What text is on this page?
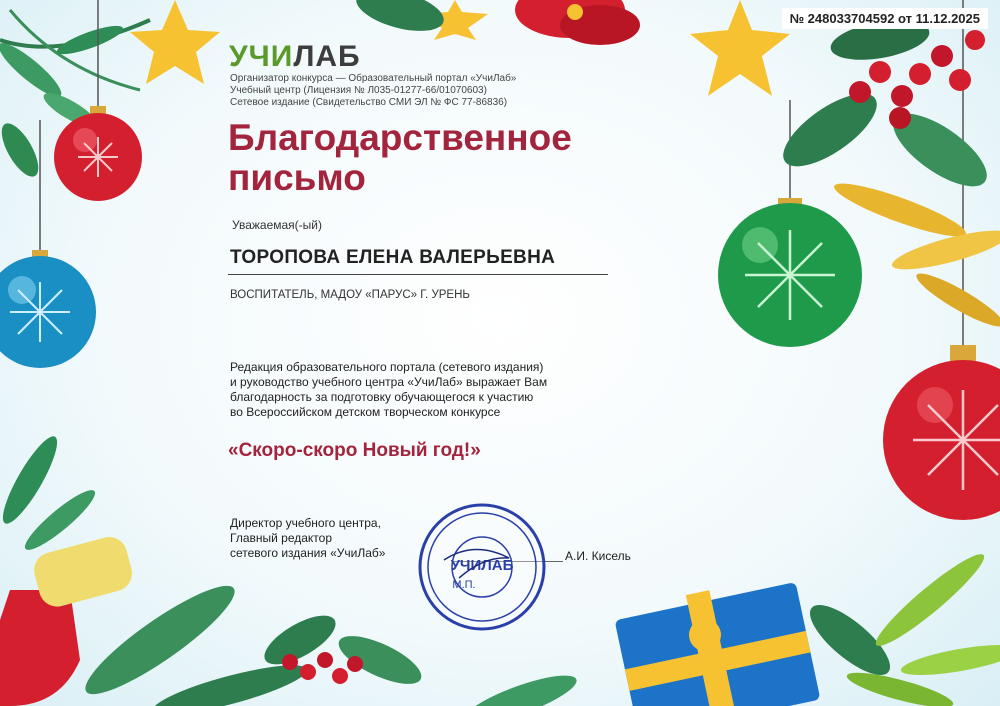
№ 248033704592 от 11.12.2025
УЧИЛАБ
Организатор конкурса — Образовательный портал «УчиЛаб»
Учебный центр (Лицензия № Л035-01277-66/01070603)
Сетевое издание (Свидетельство СМИ ЭЛ № ФС 77-86836)
Благодарственное
письмо
Уважаемая(-ый)
ТОРОПОВА ЕЛЕНА ВАЛЕРЬЕВНА
ВОСПИТАТЕЛЬ, МАДОУ «ПАРУС» Г. УРЕНЬ
Редакция образовательного портала (сетевого издания)
и руководство учебного центра «УчиЛаб» выражает Вам
благодарность за подготовку обучающегося к участию
во Всероссийском детском творческом конкурсе
«Скоро-скоро Новый год!»
Директор учебного центра,
Главный редактор
сетевого издания «УчиЛаб»	А.И. Кисель
УЧИЛАБ
М.П.
